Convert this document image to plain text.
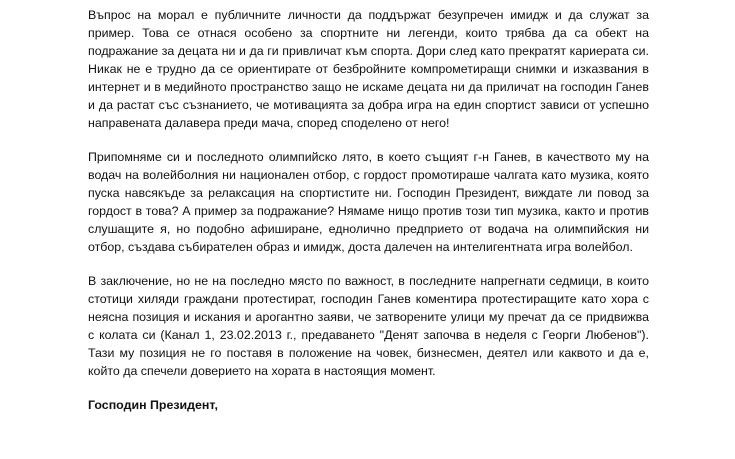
Въпрос на морал е публичните личности да поддържат безупречен имидж и да служат за пример. Това се отнася особено за спортните ни легенди, които трябва да са обект на подражание за децата ни и да ги привличат към спорта. Дори след като прекратят кариерата си. Никак не е трудно да се ориентирате от безбройните компрометиращи снимки и изказвания в интернет и в медийното пространство защо не искаме децата ни да приличат на господин Ганев и да растат със съзнанието, че мотивацията за добра игра на един спортист зависи от успешно направената далавера преди мача, според споделено от него!

Припомняме си и последното олимпийско лято, в което същият г-н Ганев, в качеството му на водач на волейболния ни национален отбор, с гордост промотираше чалгата като музика, която пуска навсякъде за релаксация на спортистите ни. Господин Президент, виждате ли повод за гордост в това? А пример за подражание? Нямаме нищо против този тип музика, както и против слушащите я, но подобно афиширане, еднолично предприето от водача на олимпийския ни отбор, създава събирателен образ и имидж, доста далечен на интелигентната игра волейбол.

В заключение, но не на последно място по важност, в последните напрегнати седмици, в които стотици хиляди граждани протестират, господин Ганев коментира протестиращите като хора с неясна позиция и искания и арогантно заяви, че затворените улици му пречат да се придвижва с колата си (Канал 1, 23.02.2013 г., предаването "Денят започва в неделя с Георги Любенов"). Тази му позиция не го поставя в положение на човек, бизнесмен, деятел или каквото и да е, който да спечели доверието на хората в настоящия момент.

Господин Президент,
